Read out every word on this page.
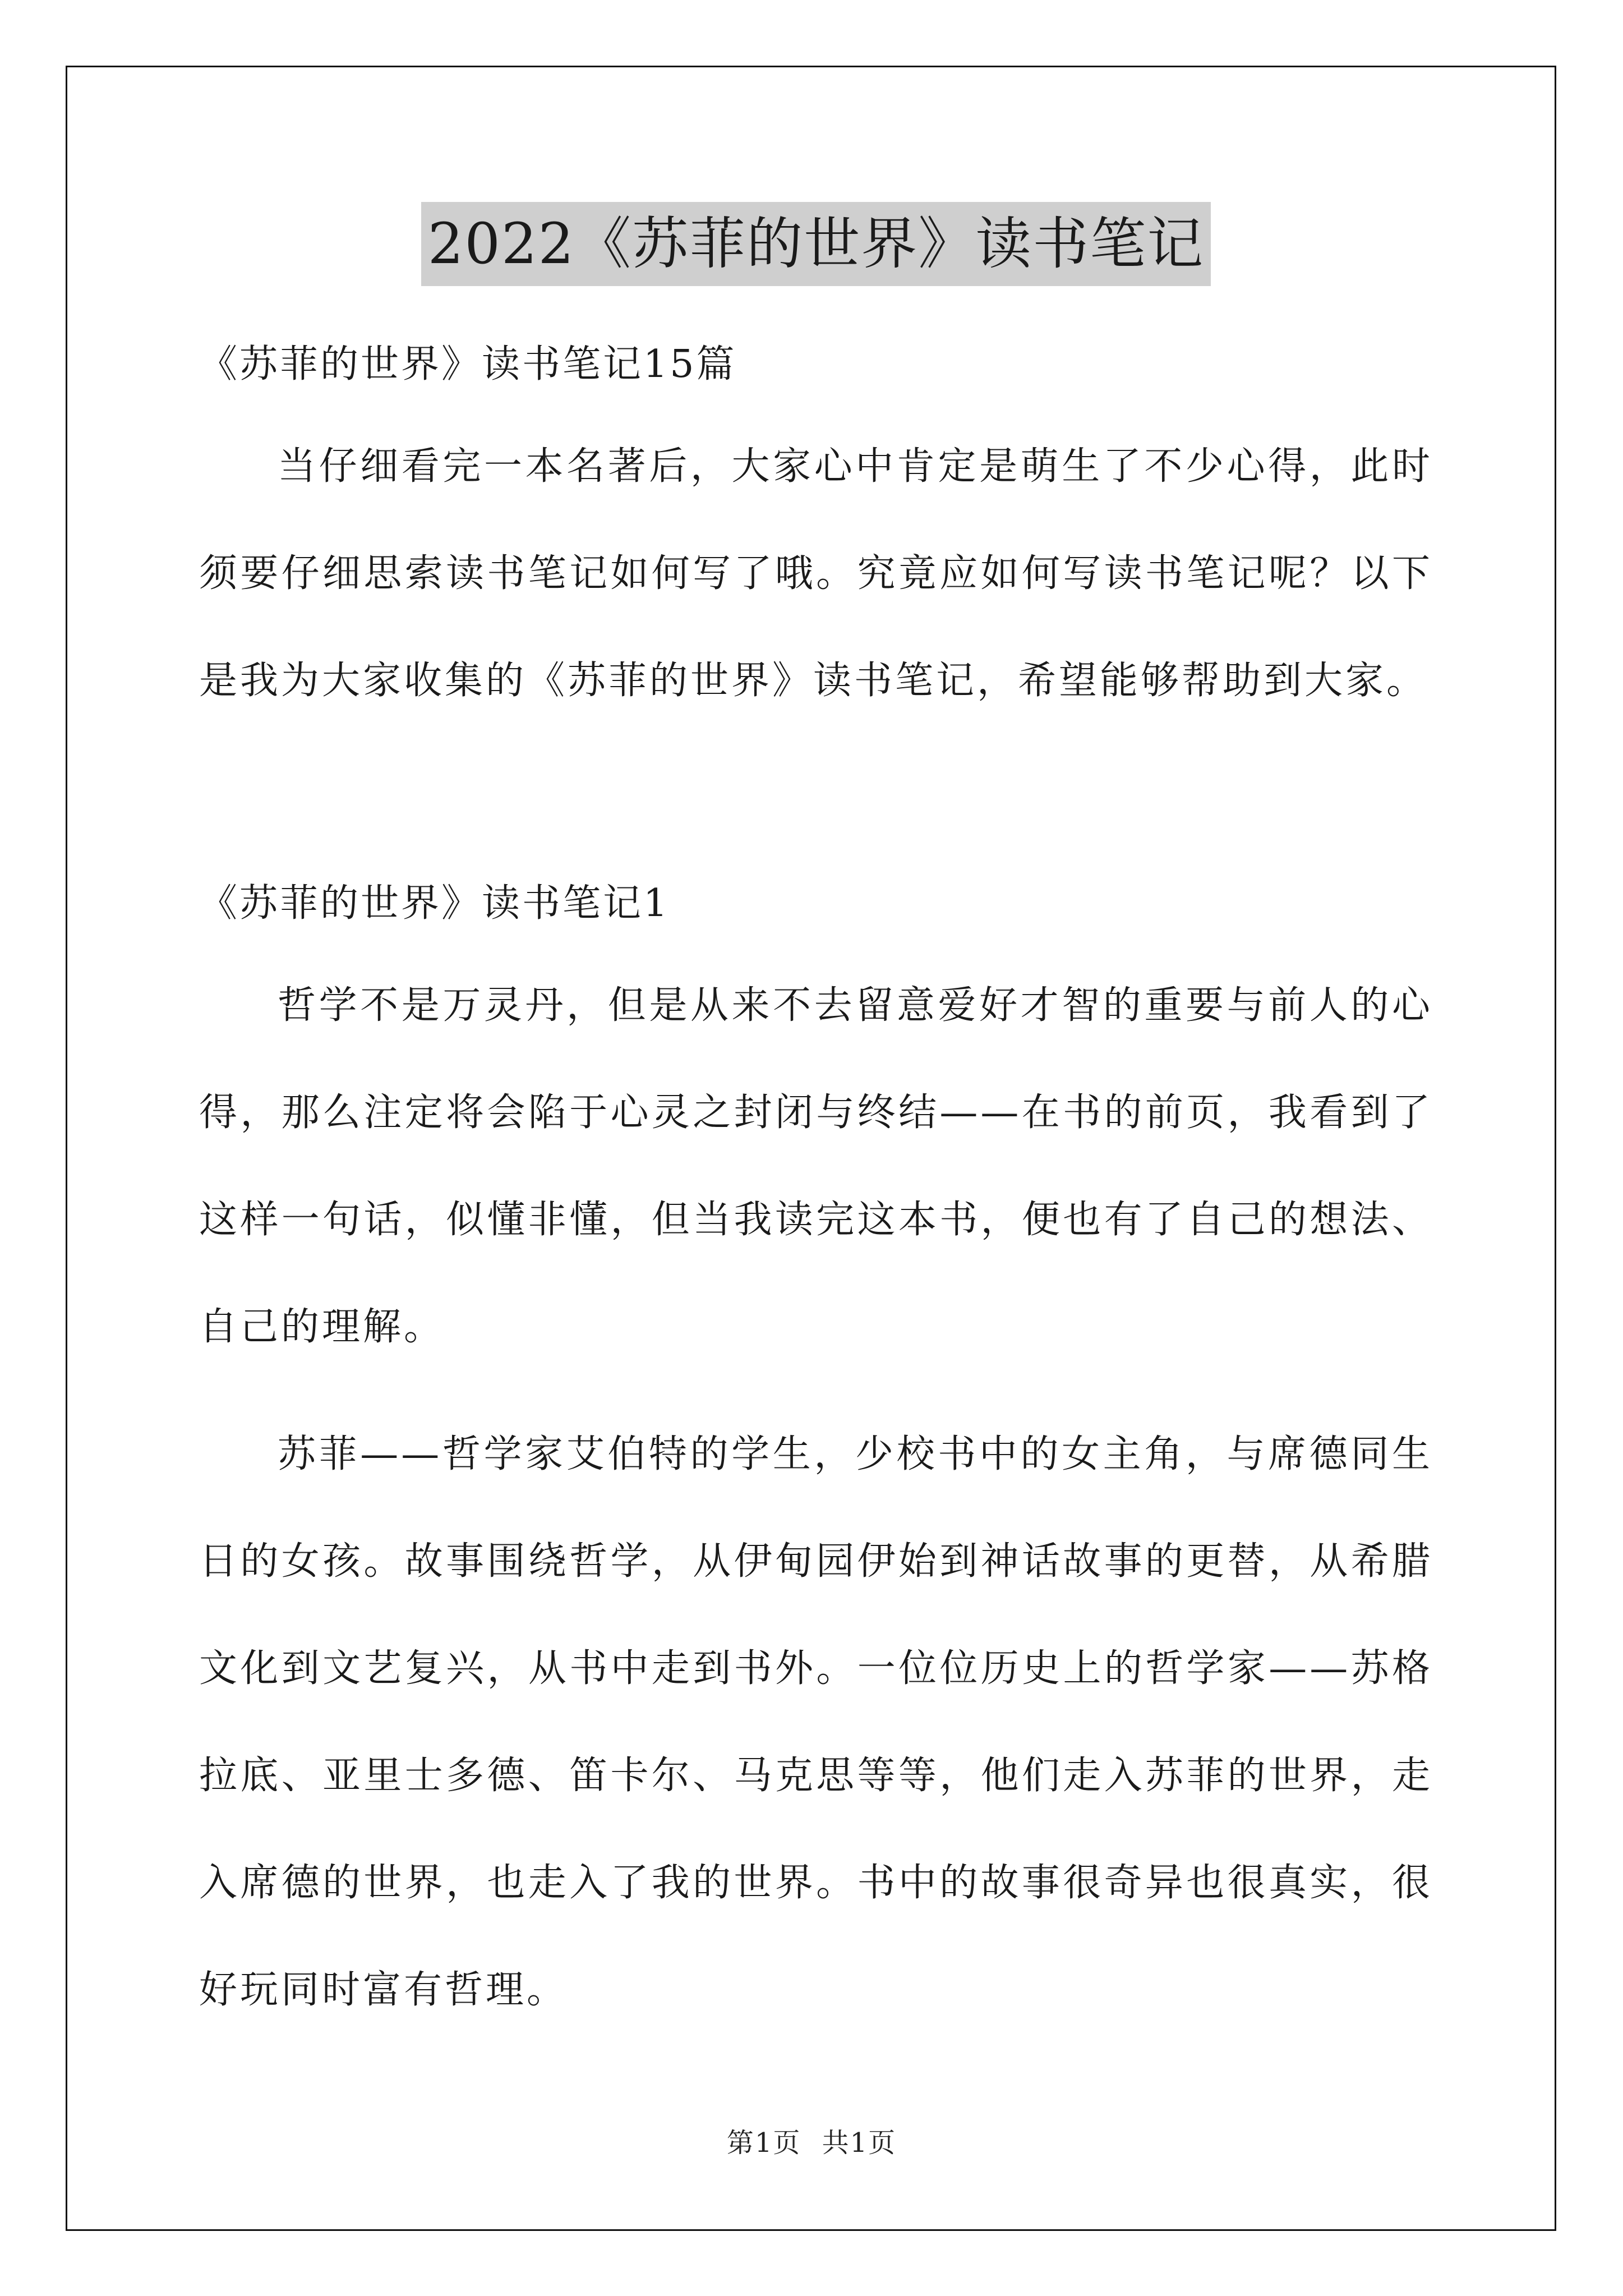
2022《苏菲的世界》读书笔记
《苏菲的世界》读书笔记15篇

当仔细看完一本名著后，大家心中肯定是萌生了不少心得，此时须要仔细思索读书笔记如何写了哦。究竟应如何写读书笔记呢？以下是我为大家收集的《苏菲的世界》读书笔记，希望能够帮助到大家。

《苏菲的世界》读书笔记1

哲学不是万灵丹，但是从来不去留意爱好才智的重要与前人的心得，那么注定将会陷于心灵之封闭与终结——在书的前页，我看到了这样一句话，似懂非懂，但当我读完这本书，便也有了自己的想法、自己的理解。

苏菲——哲学家艾伯特的学生，少校书中的女主角，与席德同生日的女孩。故事围绕哲学，从伊甸园伊始到神话故事的更替，从希腊文化到文艺复兴，从书中走到书外。一位位历史上的哲学家——苏格拉底、亚里士多德、笛卡尔、马克思等等，他们走入苏菲的世界，走入席德的世界，也走入了我的世界。书中的故事很奇异也很真实，很好玩同时富有哲理。

第1页 共1页
